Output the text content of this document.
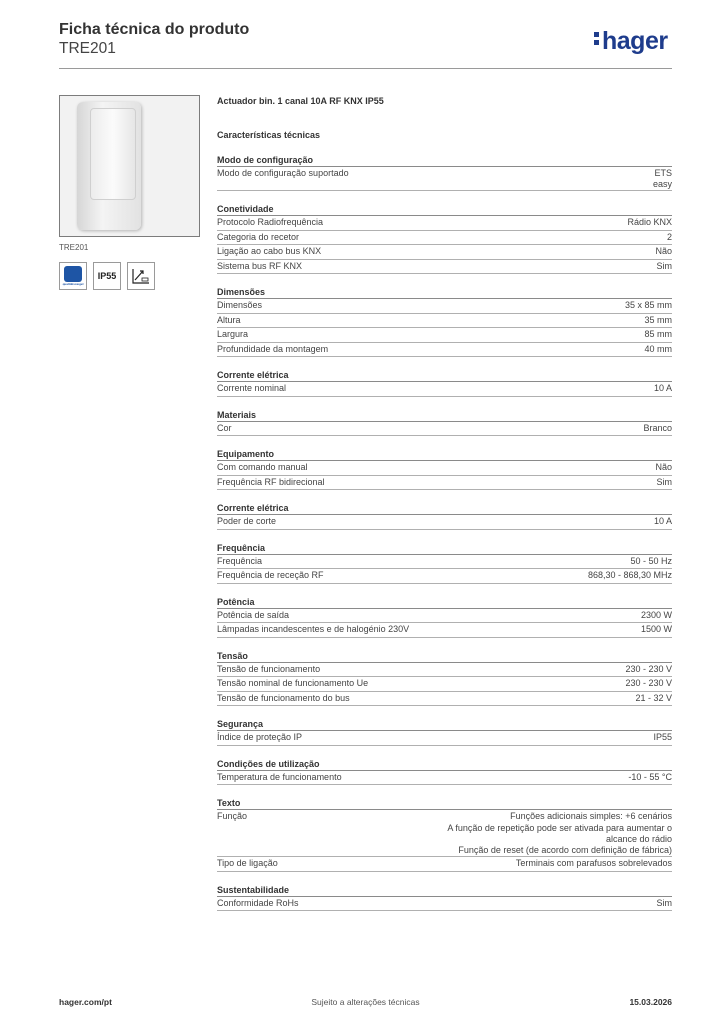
Ficha técnica do produto
TRE201	hager
TRE201
qualitätssiegel
IP55
Actuador bin. 1 canal 10A RF KNX IP55
Características técnicas
Modo de configuração
Modo de configuração suportado	ETS
easy
Conetividade
Protocolo Radiofrequência	Rádio KNX
Categoria do recetor	2
Ligação ao cabo bus KNX	Não
Sistema bus RF KNX	Sim
Dimensões
Dimensões	35 x 85 mm
Altura	35 mm
Largura	85 mm
Profundidade da montagem	40 mm
Corrente elétrica
Corrente nominal	10 A
Materiais
Cor	Branco
Equipamento
Com comando manual	Não
Frequência RF bidirecional	Sim
Corrente elétrica
Poder de corte	10 A
Frequência
Frequência	50 - 50 Hz
Frequência de receção RF	868,30 - 868,30 MHz
Potência
Potência de saída	2300 W
Lâmpadas incandescentes e de halogénio 230V	1500 W
Tensão
Tensão de funcionamento	230 - 230 V
Tensão nominal de funcionamento Ue	230 - 230 V
Tensão de funcionamento do bus	21 - 32 V
Segurança
Índice de proteção IP	IP55
Condições de utilização
Temperatura de funcionamento	-10 - 55 °C
Texto
Função	Funções adicionais simples: +6 cenários
A função de repetição pode ser ativada para aumentar o
alcance do rádio
Função de reset (de acordo com definição de fábrica)
Tipo de ligação	Terminais com parafusos sobrelevados
Sustentabilidade
Conformidade RoHs	Sim
hager.com/pt	Sujeito a alterações técnicas	15.03.2026
